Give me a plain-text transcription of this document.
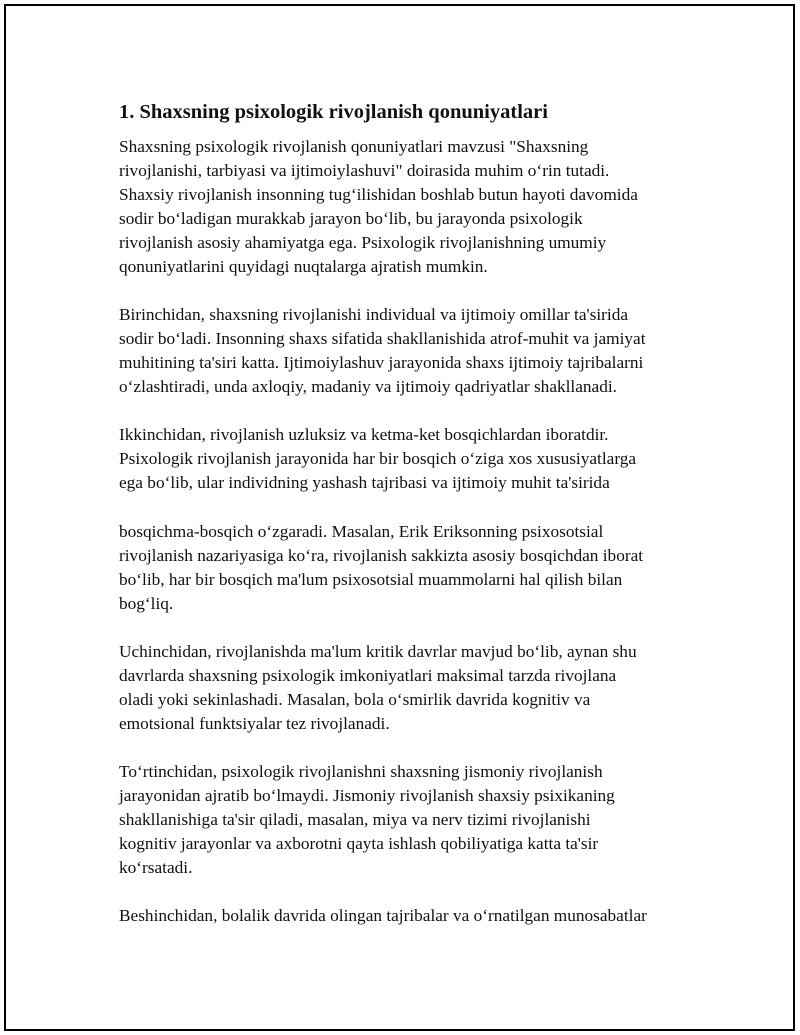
1. Shaxsning psixologik rivojlanish qonuniyatlari
Shaxsning psixologik rivojlanish qonuniyatlari mavzusi "Shaxsning
rivojlanishi, tarbiyasi va ijtimoiylashuvi" doirasida muhim o‘rin tutadi.
Shaxsiy rivojlanish insonning tug‘ilishidan boshlab butun hayoti davomida
sodir bo‘ladigan murakkab jarayon bo‘lib, bu jarayonda psixologik
rivojlanish asosiy ahamiyatga ega. Psixologik rivojlanishning umumiy
qonuniyatlarini quyidagi nuqtalarga ajratish mumkin.
Birinchidan, shaxsning rivojlanishi individual va ijtimoiy omillar ta'sirida
sodir bo‘ladi. Insonning shaxs sifatida shakllanishida atrof-muhit va jamiyat
muhitining ta'siri katta. Ijtimoiylashuv jarayonida shaxs ijtimoiy tajribalarni
o‘zlashtiradi, unda axloqiy, madaniy va ijtimoiy qadriyatlar shakllanadi.
Ikkinchidan, rivojlanish uzluksiz va ketma-ket bosqichlardan iboratdir.
Psixologik rivojlanish jarayonida har bir bosqich o‘ziga xos xususiyatlarga
ega bo‘lib, ular individning yashash tajribasi va ijtimoiy muhit ta'sirida
bosqichma-bosqich o‘zgaradi. Masalan, Erik Eriksonning psixosotsial
rivojlanish nazariyasiga ko‘ra, rivojlanish sakkizta asosiy bosqichdan iborat
bo‘lib, har bir bosqich ma'lum psixosotsial muammolarni hal qilish bilan
bog‘liq.
Uchinchidan, rivojlanishda ma'lum kritik davrlar mavjud bo‘lib, aynan shu
davrlarda shaxsning psixologik imkoniyatlari maksimal tarzda rivojlana
oladi yoki sekinlashadi. Masalan, bola o‘smirlik davrida kognitiv va
emotsional funktsiyalar tez rivojlanadi.
To‘rtinchidan, psixologik rivojlanishni shaxsning jismoniy rivojlanish
jarayonidan ajratib bo‘lmaydi. Jismoniy rivojlanish shaxsiy psixikaning
shakllanishiga ta'sir qiladi, masalan, miya va nerv tizimi rivojlanishi
kognitiv jarayonlar va axborotni qayta ishlash qobiliyatiga katta ta'sir
ko‘rsatadi.
Beshinchidan, bolalik davrida olingan tajribalar va o‘rnatilgan munosabatlar
